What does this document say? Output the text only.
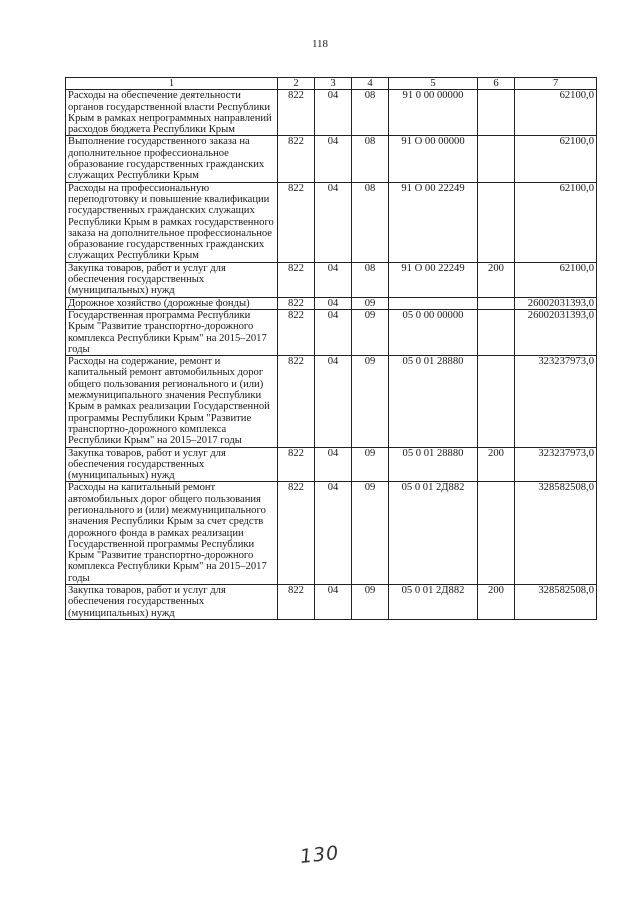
118
1	2	3	4	5	6	7
Расходы на обеспечение деятельности органов государственной власти Республики Крым в рамках непрограммных направлений расходов бюджета Республики Крым	822	04	08	91 0 00 00000		62100,0
Выполнение государственного заказа на дополнительное профессиональное образование государственных гражданских служащих Республики Крым	822	04	08	91 О 00 00000		62100,0
Расходы на профессиональную переподготовку и повышение квалификации государственных гражданских служащих Республики Крым в рамках государственного заказа на дополнительное профессиональное образование государственных гражданских служащих Республики Крым	822	04	08	91 О 00 22249		62100,0
Закупка товаров, работ и услуг для обеспечения государственных (муниципальных) нужд	822	04	08	91 О 00 22249	200	62100,0
Дорожное хозяйство (дорожные фонды)	822	04	09			26002031393,0
Государственная программа Республики Крым "Развитие транспортно-дорожного комплекса Республики Крым" на 2015–2017 годы	822	04	09	05 0 00 00000		26002031393,0
Расходы на содержание, ремонт и капитальный ремонт автомобильных дорог общего пользования регионального и (или) межмуниципального значения Республики Крым в рамках реализации Государственной программы Республики Крым "Развитие транспортно-дорожного комплекса Республики Крым" на 2015–2017 годы	822	04	09	05 0 01 28880		323237973,0
Закупка товаров, работ и услуг для обеспечения государственных (муниципальных) нужд	822	04	09	05 0 01 28880	200	323237973,0
Расходы на капитальный ремонт автомобильных дорог общего пользования регионального и (или) межмуниципального значения Республики Крым за счет средств дорожного фонда в рамках реализации Государственной программы Республики Крым "Развитие транспортно-дорожного комплекса Республики Крым" на 2015–2017 годы	822	04	09	05 0 01 2Д882		328582508,0
Закупка товаров, работ и услуг для обеспечения государственных (муниципальных) нужд	822	04	09	05 0 01 2Д882	200	328582508,0
130
